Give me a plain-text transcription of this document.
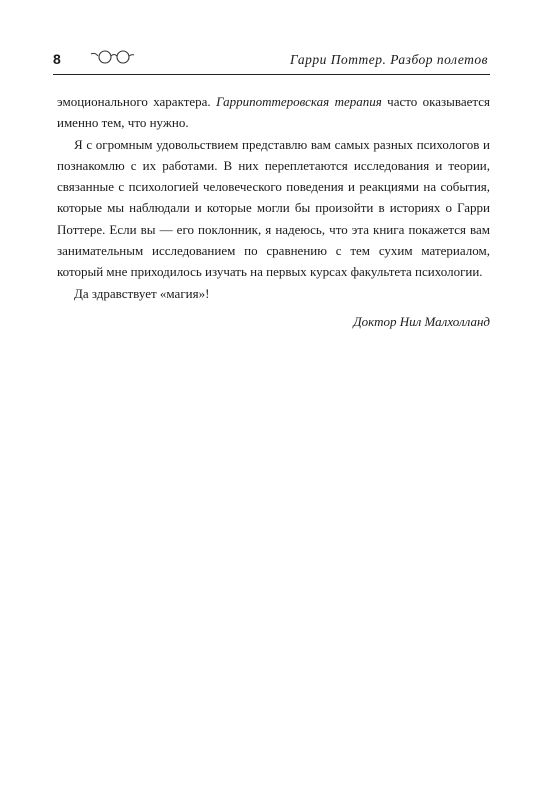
8	Гарри Поттер. Разбор полетов

эмоционального характера. Гаррипоттеровская терапия часто оказывается именно тем, что нужно.

Я с огромным удовольствием представлю вам самых разных психологов и познакомлю с их работами. В них переплетаются исследования и теории, связанные с психологией человеческого поведения и реакциями на события, которые мы наблюдали и которые могли бы произойти в историях о Гарри Поттере. Если вы — его поклонник, я надеюсь, что эта книга покажется вам занимательным исследованием по сравнению с тем сухим материалом, который мне приходилось изучать на первых курсах факультета психологии.

Да здравствует «магия»!

Доктор Нил Малхолланд
